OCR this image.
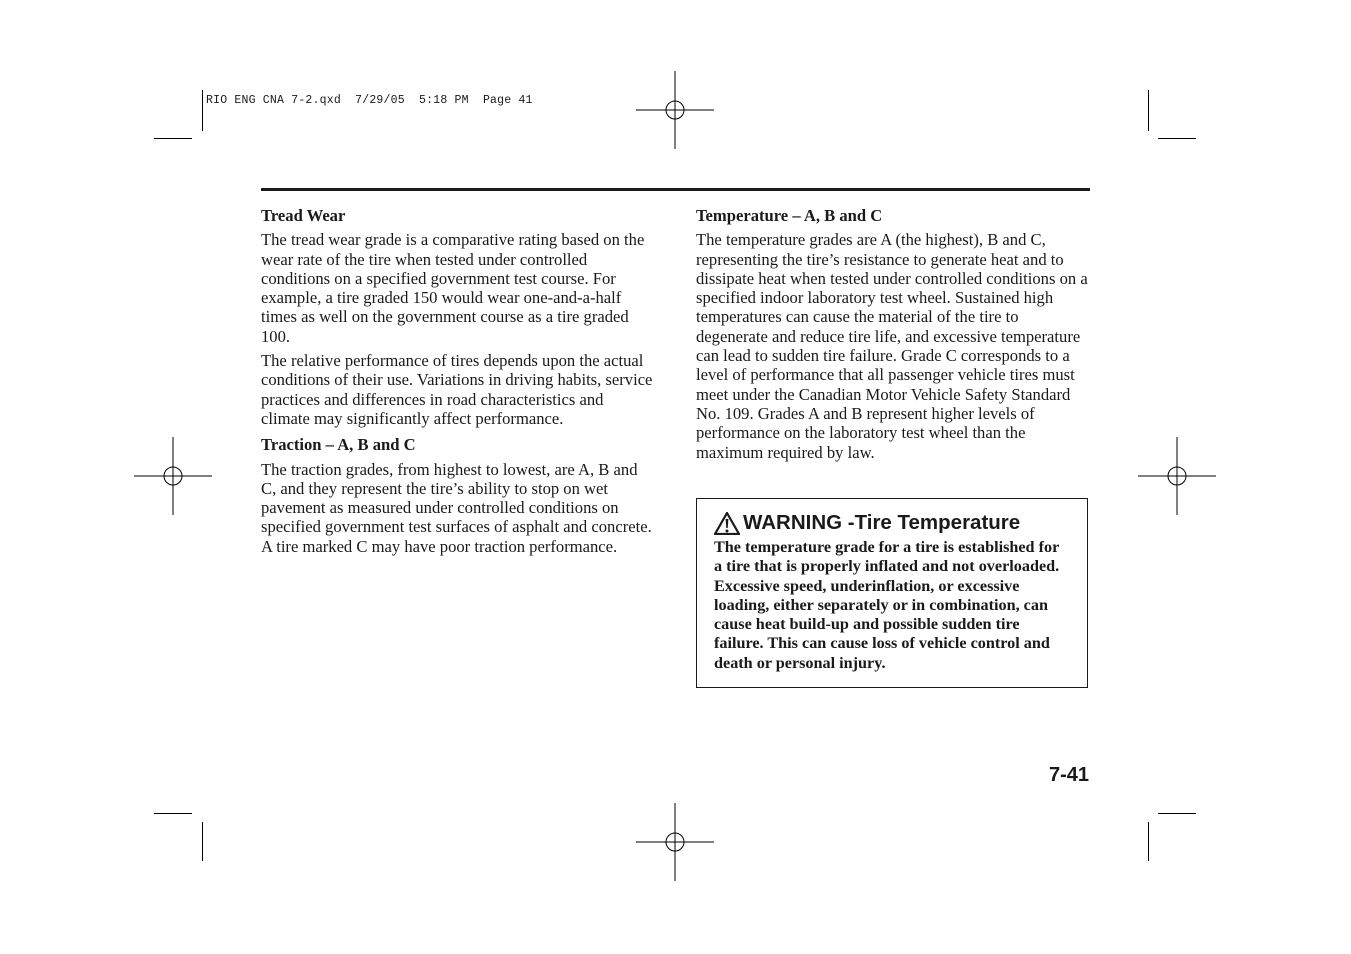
RIO ENG CNA 7-2.qxd  7/29/05  5:18 PM  Page 41
Tread Wear
The tread wear grade is a comparative rating based on the wear rate of the tire when tested under controlled conditions on a specified government test course. For example, a tire graded 150 would wear one-and-a-half times as well on the government course as a tire graded 100.
The relative performance of tires depends upon the actual conditions of their use. Variations in driving habits, service practices and differences in road characteristics and climate may significantly affect performance.
Traction – A, B and C
The traction grades, from highest to lowest, are A, B and C, and they represent the tire’s ability to stop on wet pavement as measured under controlled conditions on specified government test surfaces of asphalt and concrete. A tire marked C may have poor traction performance.
Temperature – A, B and C
The temperature grades are A (the highest), B and C, representing the tire’s resistance to generate heat and to dissipate heat when tested under controlled conditions on a specified indoor laboratory test wheel. Sustained high temperatures can cause the material of the tire to degenerate and reduce tire life, and excessive temperature can lead to sudden tire failure. Grade C corresponds to a level of performance that all passenger vehicle tires must meet under the Canadian Motor Vehicle Safety Standard No. 109. Grades A and B represent higher levels of performance on the laboratory test wheel than the maximum required by law.
WARNING -Tire Temperature
The temperature grade for a tire is established for a tire that is properly inflated and not overloaded. Excessive speed, underinflation, or excessive loading, either separately or in combination, can cause heat build-up and possible sudden tire failure. This can cause loss of vehicle control and death or personal injury.
7-41
